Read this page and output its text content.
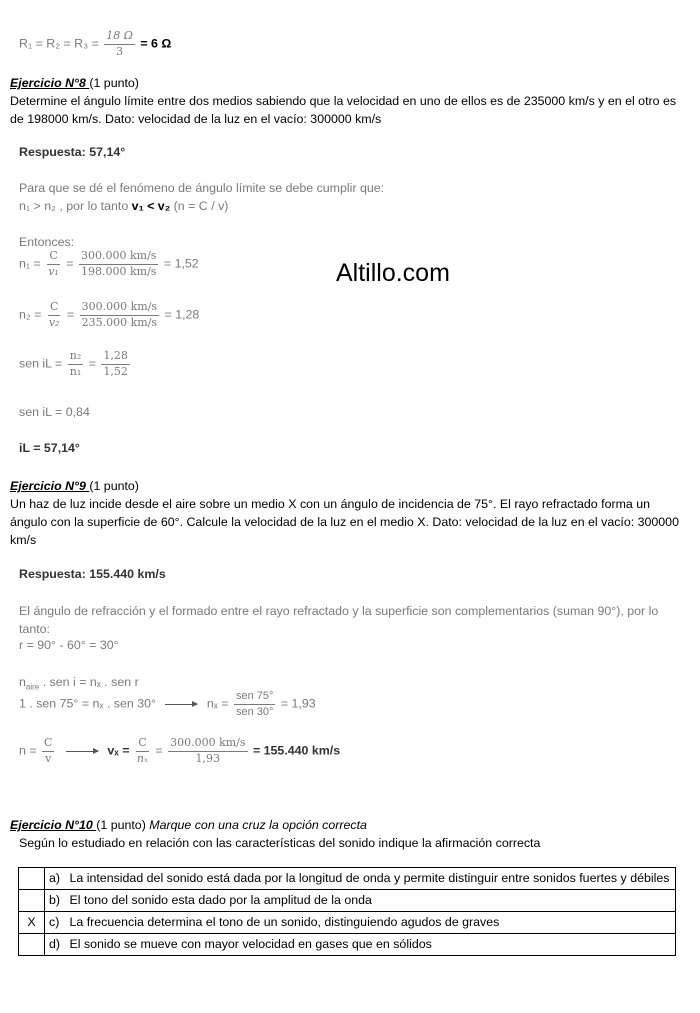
$R_1 = R_2 = R_3 = \frac{18 \Omega}{3} = 6$ Ω
Altillo.com
Ejercicio N°8 (1 punto)
Determine el ángulo límite entre dos medios sabiendo que la velocidad en uno de ellos es de 235000 km/s y en el otro es de 198000 km/s. Dato: velocidad de la luz en el vacío: 300000 km/s
Respuesta: 57,14°
Para que se dé el fenómeno de ángulo límite se debe cumplir que:
n₁ > n₂ , por lo tanto v₁ < v₂ (n = C / v)
Entonces:
$n_1 = \frac{C}{\text{v₁}} = \frac{300.000 km/s}{198.000 km/s} = 1,52$
$n_2 = \frac{C}{\text{v₂}} = \frac{300.000 km/s}{235.000 km/s} = 1,28$
sen iL = $\frac{\text{n₂}}{\text{n₁}} = \frac{1,28}{1,52}$
sen iL = 0,84
iL = 57,14°
Ejercicio N°9 (1 punto)
Un haz de luz incide desde el aire sobre un medio X con un ángulo de incidencia de 75°. El rayo refractado forma un ángulo con la superficie de 60°. Calcule la velocidad de la luz en el medio X. Dato: velocidad de la luz en el vacío: 300000 km/s
Respuesta: 155.440 km/s
El ángulo de refracción y el formado entre el rayo refractado y la superficie son complementarios (suman 90°), por lo tanto:
r = 90° - 60° = 30°
$n_{aire}$ . sen i = nₓ . sen r
1 . sen 75° = nₓ . sen 30°	$n_x = \frac{\text{sen 75°}}{\text{sen 30°}} = 1,93$
$n = \frac{C}{v}$	$v_x = \frac{C}{\text{nₓ}} = \frac{300.000 km/s}{1,93} = 155.440$ km/s
Ejercicio N°10 (1 punto) Marque con una cruz la opción correcta
Según lo estudiado en relación con las características del sonido indique la afirmación correcta
	a)	La intensidad del sonido está dada por la longitud de onda y permite distinguir entre sonidos fuertes y débiles
	b)	El tono del sonido esta dado por la amplitud de la onda
X	c)	La frecuencia determina el tono de un sonido, distinguiendo agudos de graves
	d)	El sonido se mueve con mayor velocidad en gases que en sólidos
